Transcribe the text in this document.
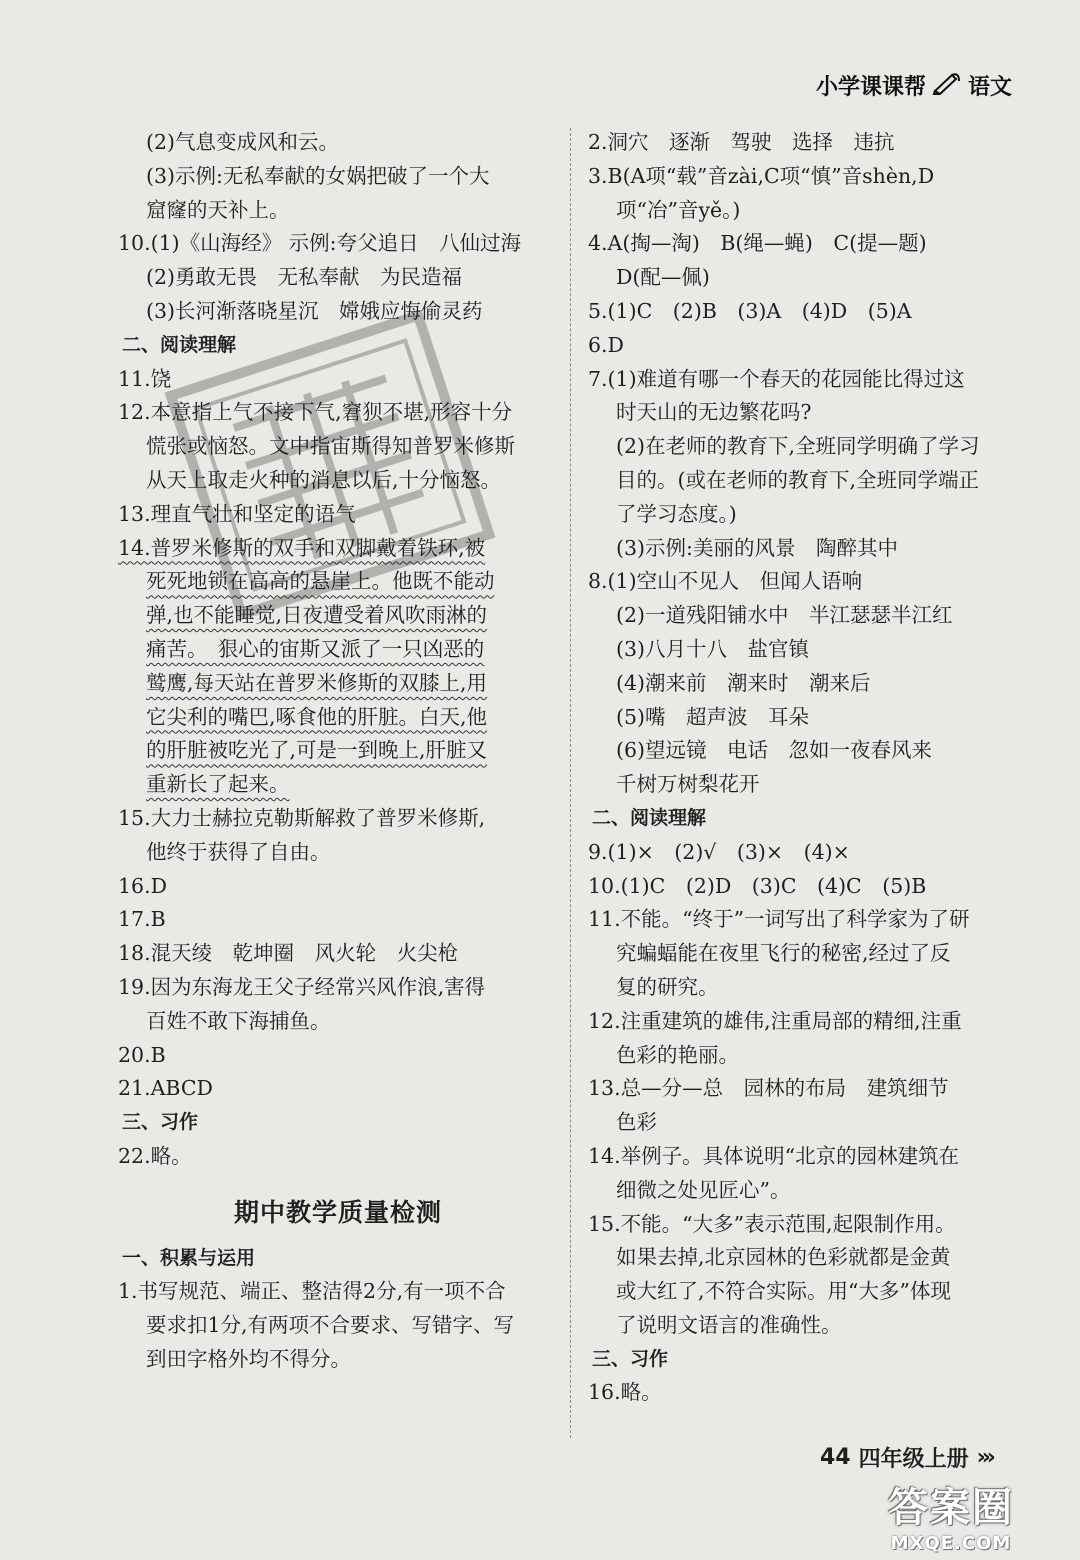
小学课课帮 语文
(2)气息变成风和云。
(3)示例:无私奉献的女娲把破了一个大
窟窿的天补上。
10.(1)《山海经》 示例:夸父追日　八仙过海
(2)勇敢无畏　无私奉献　为民造福
(3)长河渐落晓星沉　嫦娥应悔偷灵药
二、阅读理解
11.饶
12.本意指上气不接下气,窘狈不堪,形容十分
慌张或恼怒。文中指宙斯得知普罗米修斯
从天上取走火种的消息以后,十分恼怒。
13.理直气壮和坚定的语气
14.普罗米修斯的双手和双脚戴着铁环,被
死死地锁在高高的悬崖上。他既不能动
弹,也不能睡觉,日夜遭受着风吹雨淋的
痛苦。　狠心的宙斯又派了一只凶恶的
鹫鹰,每天站在普罗米修斯的双膝上,用
它尖利的嘴巴,啄食他的肝脏。白天,他
的肝脏被吃光了,可是一到晚上,肝脏又
重新长了起来。
15.大力士赫拉克勒斯解救了普罗米修斯,
他终于获得了自由。
16.D
17.B
18.混天绫　乾坤圈　风火轮　火尖枪
19.因为东海龙王父子经常兴风作浪,害得
百姓不敢下海捕鱼。
20.B
21.ABCD
三、习作
22.略。
期中教学质量检测
一、积累与运用
1.书写规范、端正、整洁得2分,有一项不合
要求扣1分,有两项不合要求、写错字、写
到田字格外均不得分。
2.洞穴　逐渐　驾驶　选择　违抗
3.B(A项“载”音zài,C项“慎”音shèn,D
项“冶”音yě。)
4.A(掏—淘)　B(绳—蝇)　C(提—题)
D(配—佩)
5.(1)C　(2)B　(3)A　(4)D　(5)A
6.D
7.(1)难道有哪一个春天的花园能比得过这
时天山的无边繁花吗?
(2)在老师的教育下,全班同学明确了学习
目的。(或在老师的教育下,全班同学端正
了学习态度。)
(3)示例:美丽的风景　陶醉其中
8.(1)空山不见人　但闻人语响
(2)一道残阳铺水中　半江瑟瑟半江红
(3)八月十八　盐官镇
(4)潮来前　潮来时　潮来后
(5)嘴　超声波　耳朵
(6)望远镜　电话　忽如一夜春风来
千树万树梨花开
二、阅读理解
9.(1)×　(2)√　(3)×　(4)×
10.(1)C　(2)D　(3)C　(4)C　(5)B
11.不能。“终于”一词写出了科学家为了研
究蝙蝠能在夜里飞行的秘密,经过了反
复的研究。
12.注重建筑的雄伟,注重局部的精细,注重
色彩的艳丽。
13.总—分—总　园林的布局　建筑细节
色彩
14.举例子。具体说明“北京的园林建筑在
细微之处见匠心”。
15.不能。“大多”表示范围,起限制作用。
如果去掉,北京园林的色彩就都是金黄
或大红了,不符合实际。用“大多”体现
了说明文语言的准确性。
三、习作
16.略。
44 四年级上册 ›››
答案圈
MXQE.COM
